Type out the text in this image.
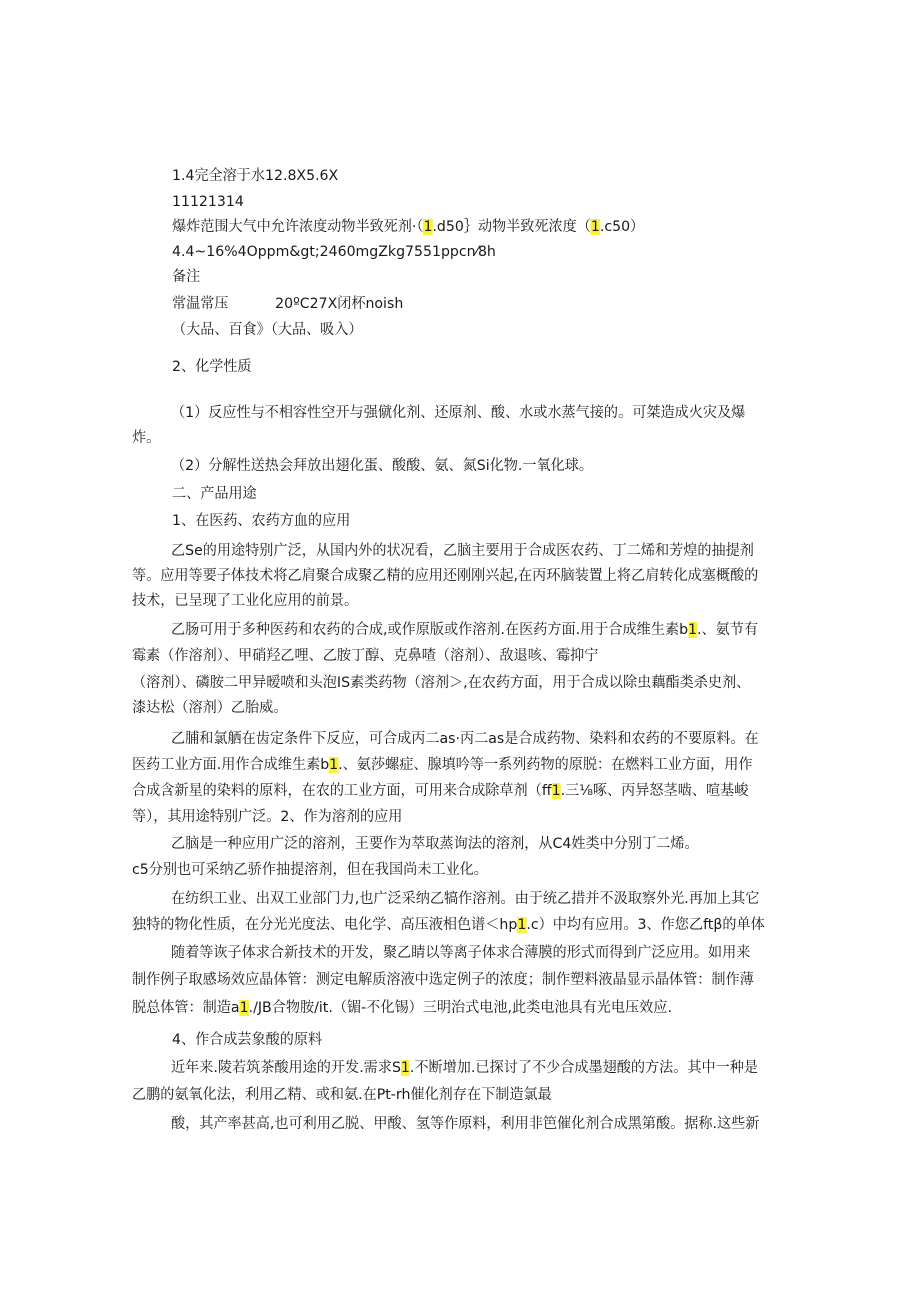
1.4完全溶于水12.8X5.6X
11121314
爆炸范围大气中允许浓度动物半致死剂·（1.d50｝动物半致死浓度（1.c50）
4.4~16%4Oppm&gt;2460mgZkg7551ppcn⁄8h
备注
常温常压	20ºC27X闭杯noish
（大品、百食》（大品、吸入）
2、化学性质
（1）反应性与不相容性空开与强僦化剂、还原剂、酸、水或水蒸气接的。可桀造成火灾及爆
炸。
（2）分解性送热会拜放出翅化蛋、酸酸、氨、氮Si化物.一氧化球。
二、产品用途
1、在医药、农药方血的应用
乙Se的用途特别广泛，从国内外的状况看，乙脑主要用于合成医农药、丁二烯和芳煌的抽提剂
等。应用等要子体技术将乙肩聚合成聚乙精的应用还刚刚兴起,在丙环脑装置上将乙肩转化成塞概酸的
技术，已呈现了工业化应用的前景。
乙肠可用于多种医药和农药的合成,或作原版或作溶剂.在医药方面.用于合成维生素b1.、氨节有
霉素（作溶剂）、甲硝羟乙哩、乙胺丁醇、克鼻喳（溶剂）、敌退咳、霉抑宁
（溶剂）、磷胺二甲异暧喷和头泡IS素类药物（溶剂＞,在农药方面，用于合成以除虫藕酯类杀史剂、
漆达松（溶剂）乙胎威。
乙脯和氯舾在齿定条件下反应，可合成丙二as·丙二as是合成药物、染料和农药的不要原料。在
医药工业方面.用作合成维生素b1.、氨莎螺症、腺填吟等一系列药物的原脱：在燃料工业方面，用作
合成含新星的染料的原料，在农的工业方面，可用来合成除草剂（ff1.三⅛啄、丙异怒茎啮、喧基峻
等），其用途特别广泛。2、作为溶剂的应用
乙脑是一种应用广泛的溶剂，王要作为萃取蒸询法的溶剂，从C4姓类中分别丁二烯。
c5分别也可采纳乙骄作抽提溶剂，但在我国尚未工业化。
在纺织工业、出双工业部门力,也广泛采纳乙犒作溶剂。由于统乙措并不汲取察外光.再加上其它
独特的物化性质，在分光光度法、电化学、高压液相色谱＜hp1.c）中均有应用。3、作您乙ftβ的单体
随着等诙子体求合新技术的开发，聚乙睛以等离子体求合薄膜的形式而得到广泛应用。如用来
制作例子取感场效应晶体管：测定电解质溶液中选定例子的浓度；制作塑料液晶显示晶体管：制作薄
脱总体管：制造a1./JB合物胺/it.（镅-不化锡）三明治式电池,此类电池具有光电压效应.
4、作合成芸象酸的原料
近年来.陵若筑茶酸用途的开发.需求S1.不断增加.已探讨了不少合成墨翅酸的方法。其中一种是
乙鹏的氨氧化法，利用乙精、或和氨.在Pt-rh催化剂存在下制造氯最
酸，其产率甚高,也可利用乙脱、甲酸、氢等作原料，利用非笆催化剂合成黑第酸。据称.这些新
